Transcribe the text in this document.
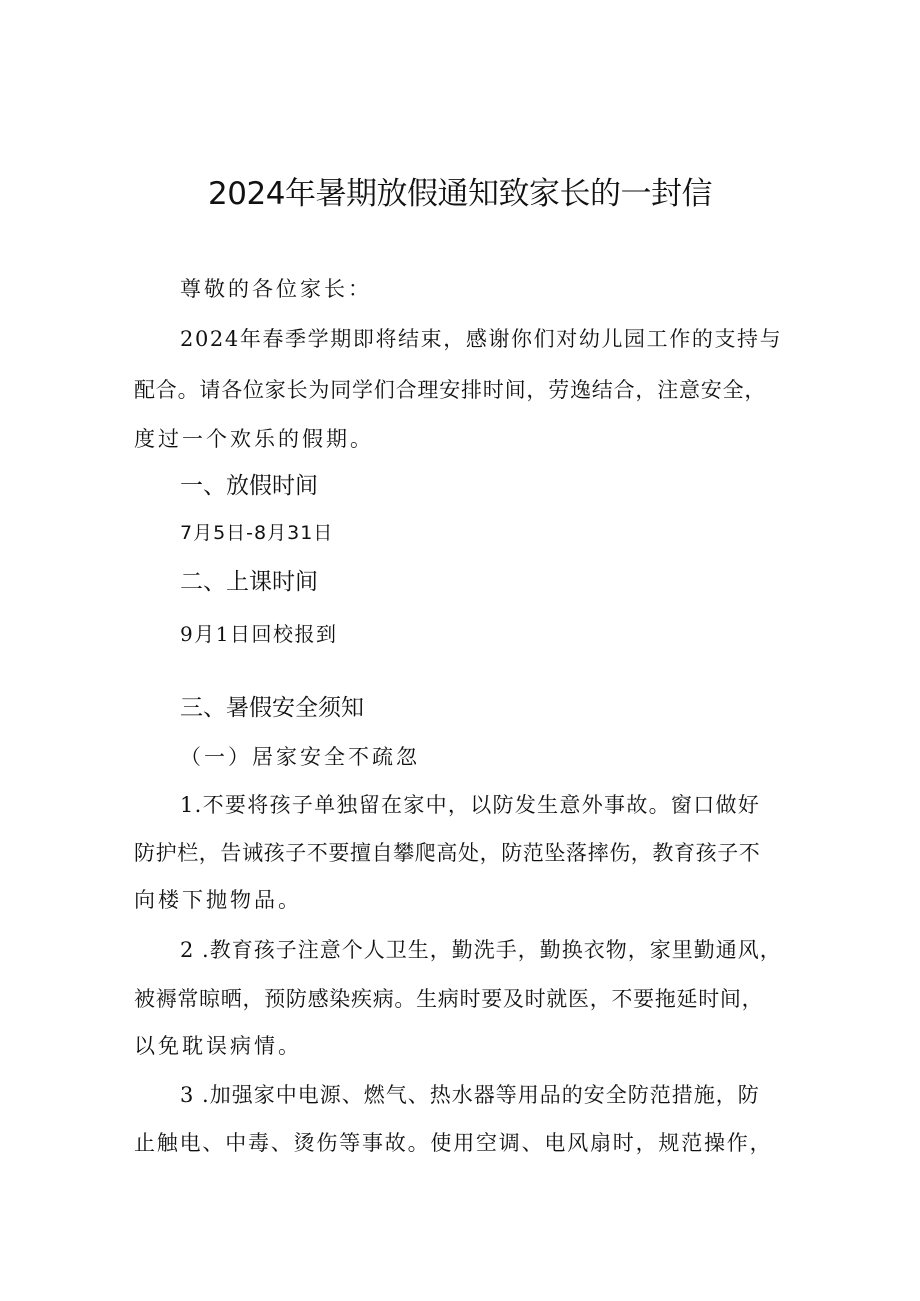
2024年暑期放假通知致家长的一封信
尊敬的各位家长：
2024年春季学期即将结束，感谢你们对幼儿园工作的支持与
配合。请各位家长为同学们合理安排时间，劳逸结合，注意安全，
度过一个欢乐的假期。
一、放假时间
7月5日-8月31日
二、上课时间
9月1日回校报到
三、暑假安全须知
（一）居家安全不疏忽
1.不要将孩子单独留在家中，以防发生意外事故。窗口做好
防护栏，告诫孩子不要擅自攀爬高处，防范坠落摔伤，教育孩子不
向楼下抛物品。
2 .教育孩子注意个人卫生，勤洗手，勤换衣物，家里勤通风，
被褥常晾晒，预防感染疾病。生病时要及时就医，不要拖延时间，
以免耽误病情。
3 .加强家中电源、燃气、热水器等用品的安全防范措施，防
止触电、中毒、烫伤等事故。使用空调、电风扇时，规范操作，
